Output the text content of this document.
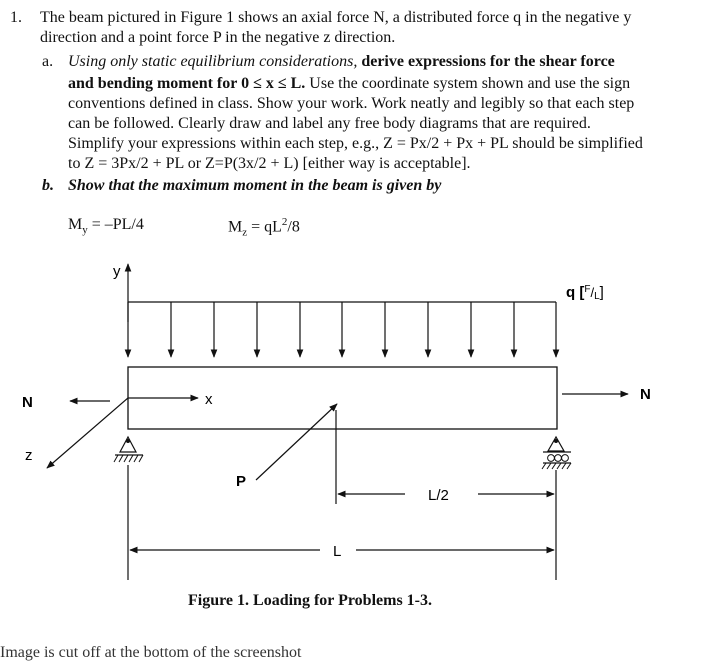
1. The beam pictured in Figure 1 shows an axial force N, a distributed force q in the negative y
direction and a point force P in the negative z direction.
a. Using only static equilibrium considerations, derive expressions for the shear force
and bending moment for 0 ≤ x ≤ L. Use the coordinate system shown and use the sign
conventions defined in class. Show your work. Work neatly and legibly so that each step
can be followed. Clearly draw and label any free body diagrams that are required.
Simplify your expressions within each step, e.g., Z = Px/2 + Px + PL should be simplified
to Z = 3Px/2 + PL or Z=P(3x/2 + L) [either way is acceptable].
b. Show that the maximum moment in the beam is given by
$M_y = -PL/4$	$M_z = qL^2/8$
y
q [$^F$/L]
x
z
N	N
P
L/2
L
Figure 1. Loading for Problems 1-3.
Image is cut off at the bottom of the screenshot
